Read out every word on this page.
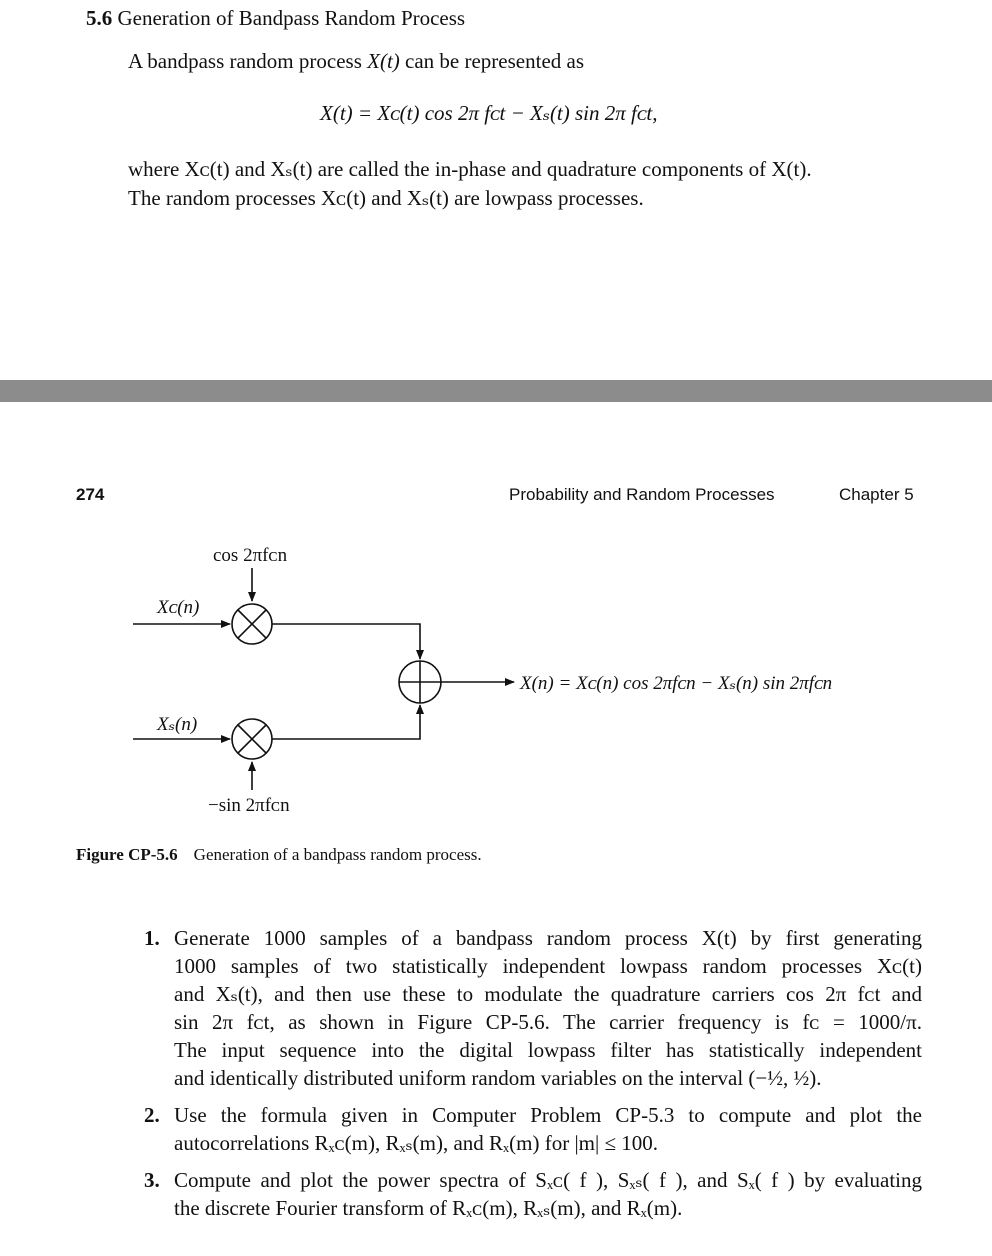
5.6 Generation of Bandpass Random Process
A bandpass random process X(t) can be represented as
X(t) = Xᴄ(t) cos 2π fᴄt − Xₛ(t) sin 2π fᴄt,
where Xᴄ(t) and Xₛ(t) are called the in-phase and quadrature components of X(t).
The random processes Xᴄ(t) and Xₛ(t) are lowpass processes.
274	Probability and Random Processes	Chapter 5
cos 2πfᴄn
Xᴄ(n)
Xₛ(n)
−sin 2πfᴄn
X(n) = Xᴄ(n) cos 2πfᴄn − Xₛ(n) sin 2πfᴄn
Figure CP-5.6 Generation of a bandpass random process.
1. Generate 1000 samples of a bandpass random process X(t) by first generating
1000 samples of two statistically independent lowpass random processes Xᴄ(t)
and Xₛ(t), and then use these to modulate the quadrature carriers cos 2π fᴄt and
sin 2π fᴄt, as shown in Figure CP-5.6. The carrier frequency is fᴄ = 1000/π.
The input sequence into the digital lowpass filter has statistically independent
and identically distributed uniform random variables on the interval (−½, ½).
2. Use the formula given in Computer Problem CP-5.3 to compute and plot the
autocorrelations Rₓᴄ(m), Rₓₛ(m), and Rₓ(m) for |m| ≤ 100.
3. Compute and plot the power spectra of Sₓᴄ( f ), Sₓₛ( f ), and Sₓ( f ) by evaluating
the discrete Fourier transform of Rₓᴄ(m), Rₓₛ(m), and Rₓ(m).
